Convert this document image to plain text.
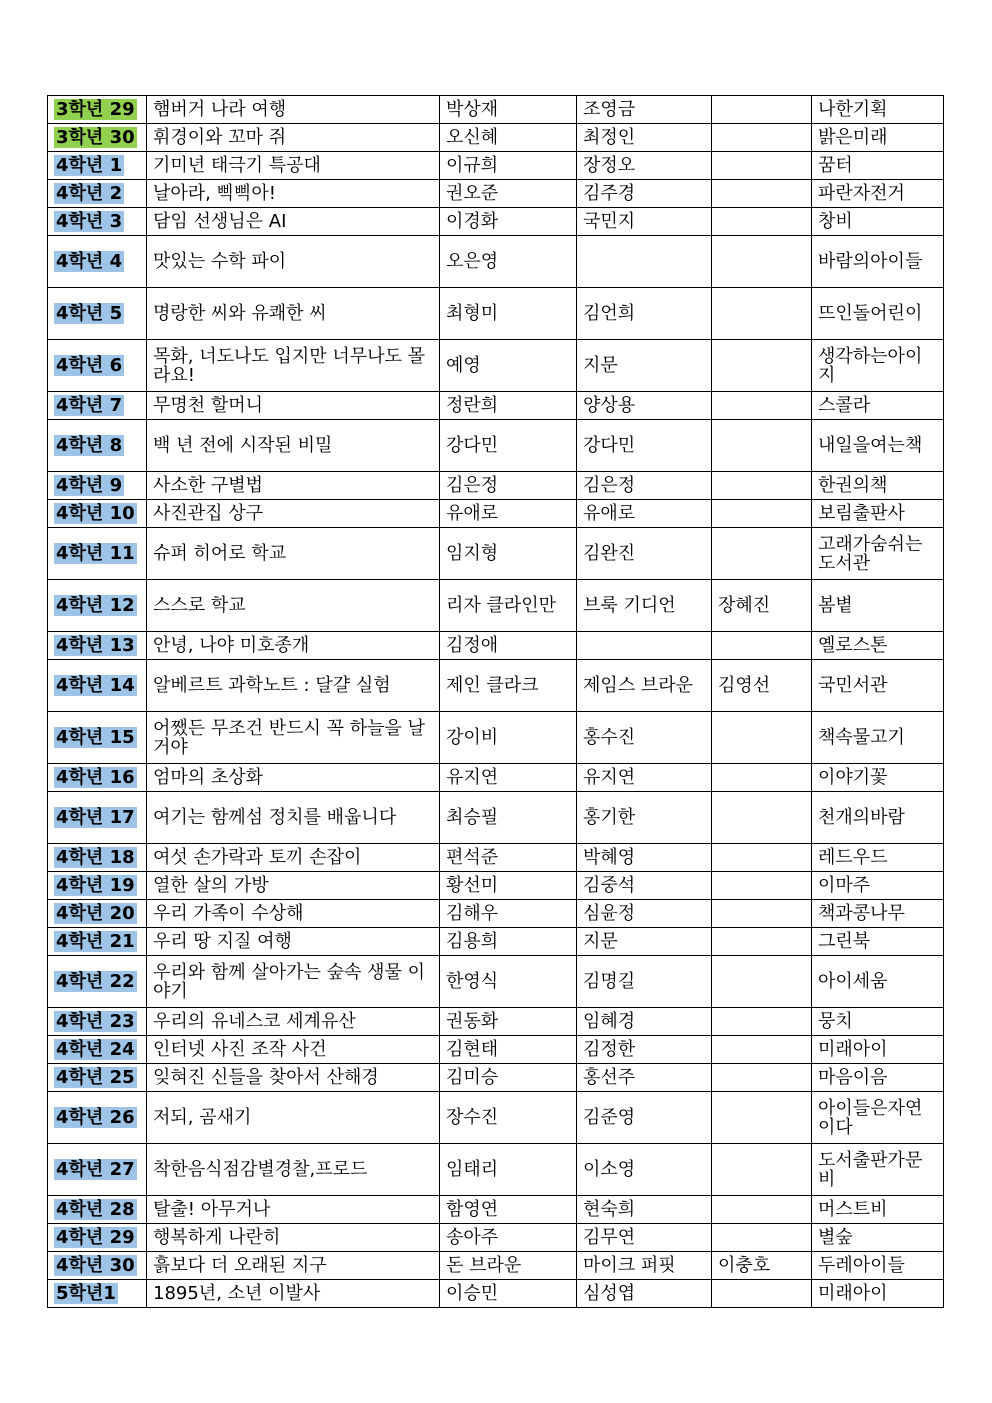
3학년 29	햄버거 나라 여행	박상재	조영금		나한기획
3학년 30	휘경이와 꼬마 쥐	오신혜	최정인		밝은미래
4학년 1	기미년 태극기 특공대	이규희	장정오		꿈터
4학년 2	날아라, 삑삑아!	권오준	김주경		파란자전거
4학년 3	담임 선생님은 AI	이경화	국민지		창비
4학년 4	맛있는 수학 파이	오은영			바람의아이들
4학년 5	명랑한 씨와 유쾌한 씨	최형미	김언희		뜨인돌어린이
4학년 6	목화, 너도나도 입지만 너무나도 몰라요!	예영	지문		생각하는아이지
4학년 7	무명천 할머니	정란희	양상용		스콜라
4학년 8	백 년 전에 시작된 비밀	강다민	강다민		내일을여는책
4학년 9	사소한 구별법	김은정	김은정		한권의책
4학년 10	사진관집 상구	유애로	유애로		보림출판사
4학년 11	슈퍼 히어로 학교	임지형	김완진		고래가숨쉬는도서관
4학년 12	스스로 학교	리자 클라인만	브룩 기디언	장혜진	봄볕
4학년 13	안녕, 나야 미호종개	김정애			옐로스톤
4학년 14	알베르트 과학노트 : 달걀 실험	제인 클라크	제임스 브라운	김영선	국민서관
4학년 15	어쨌든 무조건 반드시 꼭 하늘을 날 거야	강이비	홍수진		책속물고기
4학년 16	엄마의 초상화	유지연	유지연		이야기꽃
4학년 17	여기는 함께섬 정치를 배웁니다	최승필	홍기한		천개의바람
4학년 18	여섯 손가락과 토끼 손잡이	편석준	박혜영		레드우드
4학년 19	열한 살의 가방	황선미	김중석		이마주
4학년 20	우리 가족이 수상해	김해우	심윤정		책과콩나무
4학년 21	우리 땅 지질 여행	김용희	지문		그린북
4학년 22	우리와 함께 살아가는 숲속 생물 이야기	한영식	김명길		아이세움
4학년 23	우리의 유네스코 세계유산	권동화	임혜경		뭉치
4학년 24	인터넷 사진 조작 사건	김현태	김정한		미래아이
4학년 25	잊혀진 신들을 찾아서 산해경	김미승	홍선주		마음이음
4학년 26	저되, 곰새기	장수진	김준영		아이들은자연이다
4학년 27	착한음식점감별경찰,프로드	임태리	이소영		도서출판가문비
4학년 28	탈출! 아무거나	함영연	현숙희		머스트비
4학년 29	행복하게 나란히	송아주	김무연		별숲
4학년 30	흙보다 더 오래된 지구	돈 브라운	마이크 퍼핏	이충호	두레아이들
5학년1	1895년, 소년 이발사	이승민	심성엽		미래아이
